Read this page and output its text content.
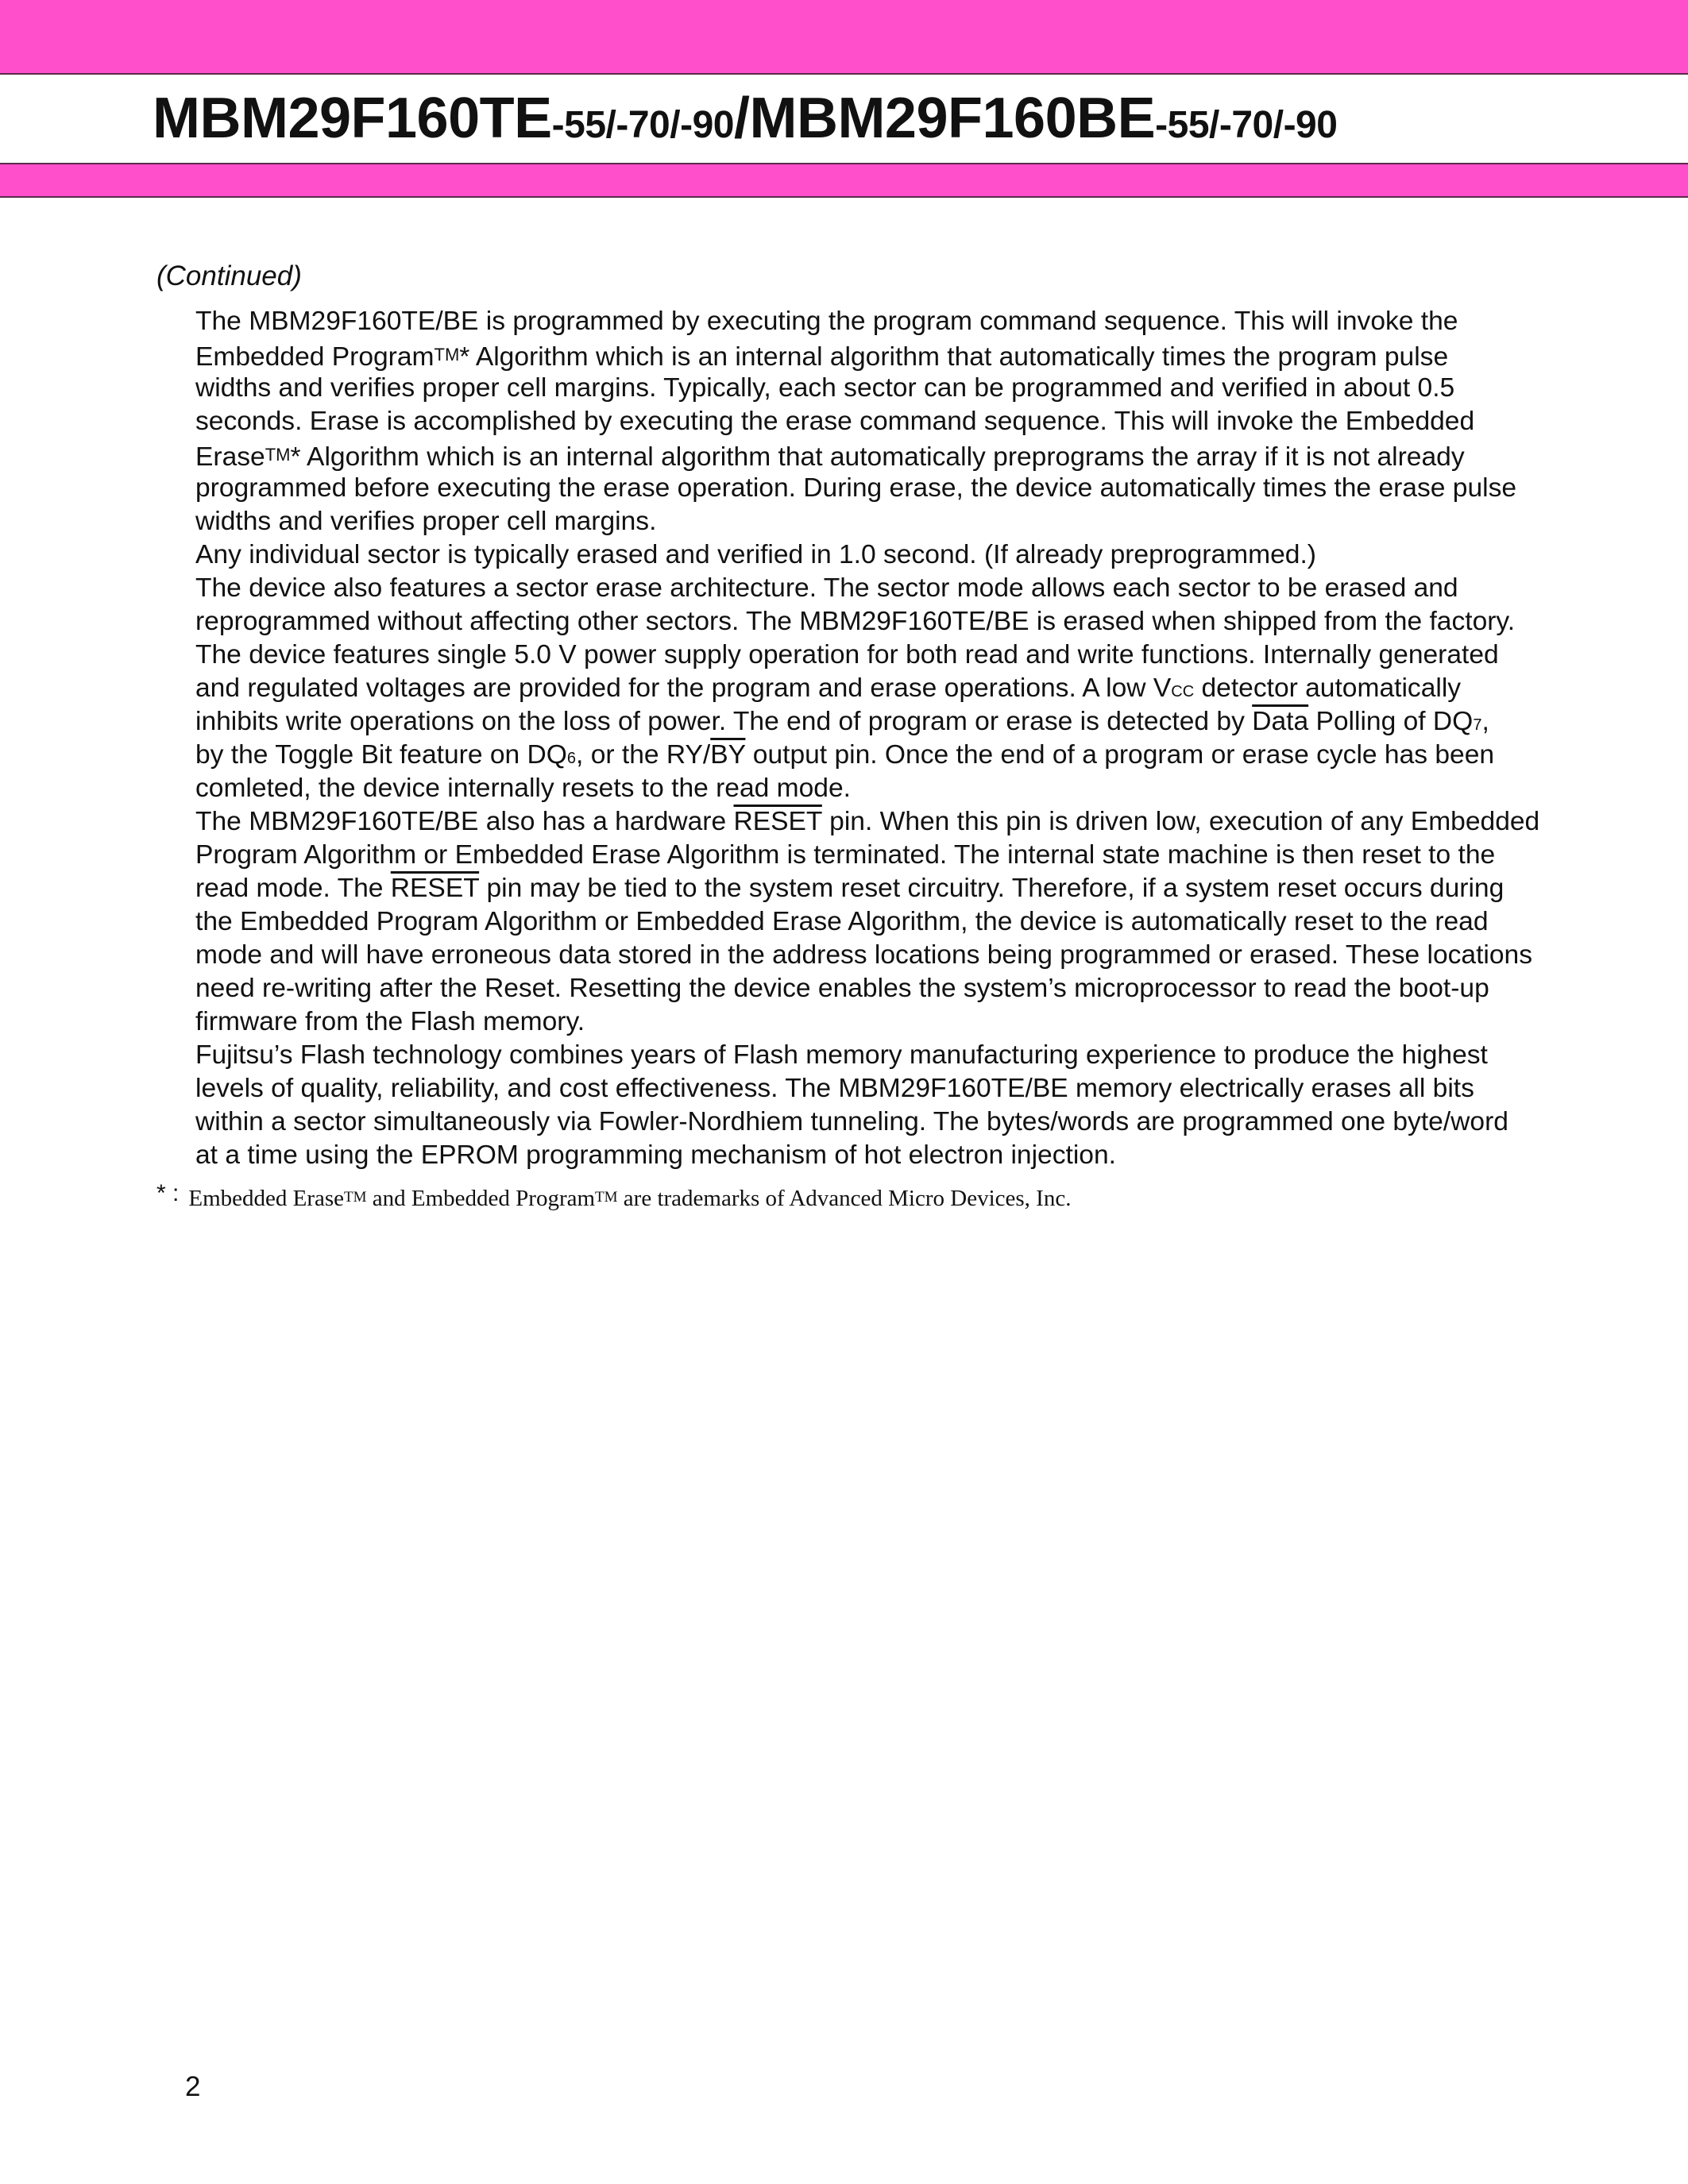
MBM29F160TE-55/-70/-90/MBM29F160BE-55/-70/-90
(Continued)
The MBM29F160TE/BE is programmed by executing the program command sequence. This will invoke the
Embedded ProgramTM* Algorithm which is an internal algorithm that automatically times the program pulse
widths and verifies proper cell margins. Typically, each sector can be programmed and verified in about 0.5
seconds. Erase is accomplished by executing the erase command sequence. This will invoke the Embedded
EraseTM* Algorithm which is an internal algorithm that automatically preprograms the array if it is not already
programmed before executing the erase operation. During erase, the device automatically times the erase pulse
widths and verifies proper cell margins.
Any individual sector is typically erased and verified in 1.0 second. (If already preprogrammed.)
The device also features a sector erase architecture. The sector mode allows each sector to be erased and
reprogrammed without affecting other sectors. The MBM29F160TE/BE is erased when shipped from the factory.
The device features single 5.0 V power supply operation for both read and write functions. Internally generated
and regulated voltages are provided for the program and erase operations. A low VCC detector automatically
inhibits write operations on the loss of power. The end of program or erase is detected by Data Polling of DQ7,
by the Toggle Bit feature on DQ6, or the $RY/\overline{BY}$ output pin. Once the end of a program or erase cycle has been
comleted, the device internally resets to the read mode.
The MBM29F160TE/BE also has a hardware RESET pin. When this pin is driven low, execution of any Embedded
Program Algorithm or Embedded Erase Algorithm is terminated. The internal state machine is then reset to the
read mode. The RESET pin may be tied to the system reset circuitry. Therefore, if a system reset occurs during
the Embedded Program Algorithm or Embedded Erase Algorithm, the device is automatically reset to the read
mode and will have erroneous data stored in the address locations being programmed or erased. These locations
need re-writing after the Reset. Resetting the device enables the system’s microprocessor to read the boot-up
firmware from the Flash memory.
Fujitsu’s Flash technology combines years of Flash memory manufacturing experience to produce the highest
levels of quality, reliability, and cost effectiveness. The MBM29F160TE/BE memory electrically erases all bits
within a sector simultaneously via Fowler-Nordhiem tunneling. The bytes/words are programmed one byte/word
at a time using the EPROM programming mechanism of hot electron injection.
* : Embedded EraseTM and Embedded ProgramTM are trademarks of Advanced Micro Devices, Inc.
2
